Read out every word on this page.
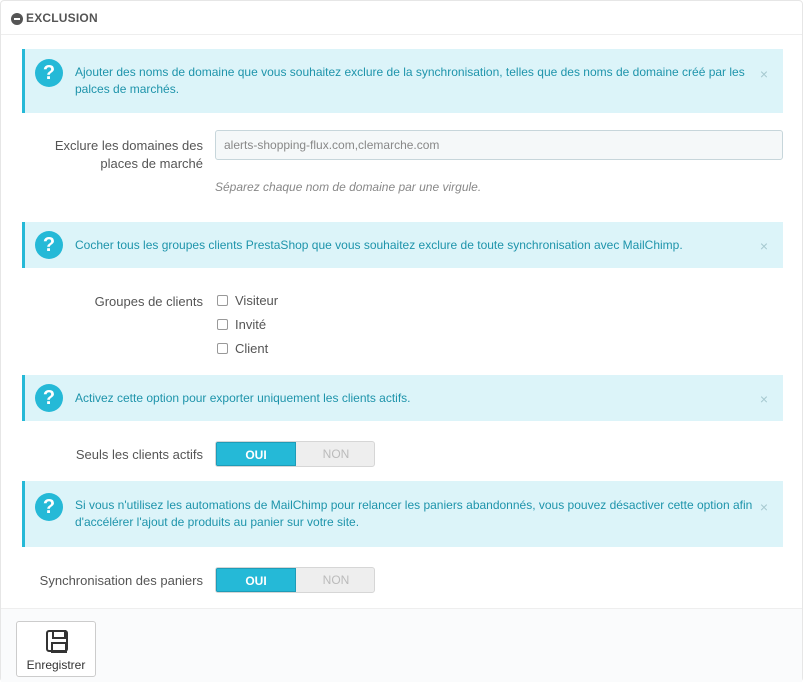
EXCLUSION
?	Ajouter des noms de domaine que vous souhaitez exclure de la synchronisation, telles que des noms de domaine créé par les palces de marchés.
×
Exclure les domaines des places de marché
alerts-shopping-flux.com,clemarche.com
Séparez chaque nom de domaine par une virgule.
?	Cocher tous les groupes clients PrestaShop que vous souhaitez exclure de toute synchronisation avec MailChimp.	×
Groupes de clients Visiteur
Invité
Client
?	Activez cette option pour exporter uniquement les clients actifs.	×
Seuls les clients actifs	OUI	NON
?	Si vous n'utilisez les automations de MailChimp pour relancer les paniers abandonnés, vous pouvez désactiver cette option afin d'accélérer l'ajout de produits au panier sur votre site.
×
Synchronisation des paniers	OUI	NON
Enregistrer
